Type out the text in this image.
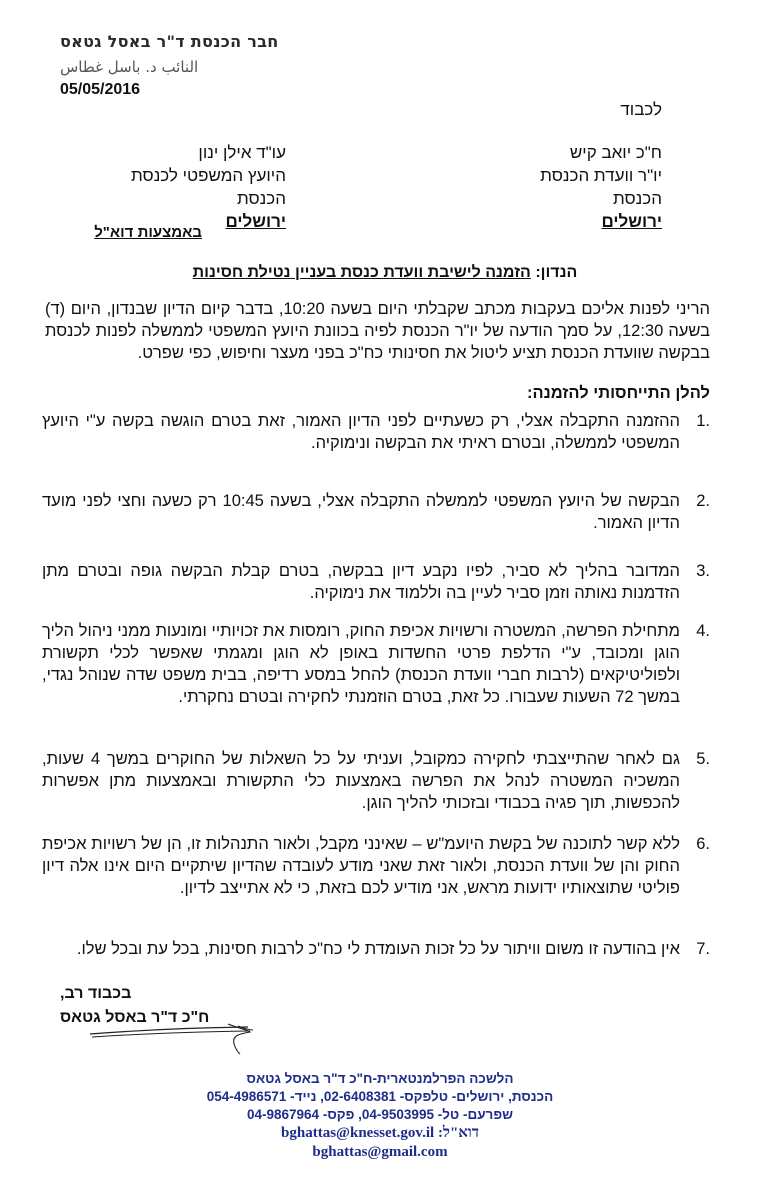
חבר הכנסת ד"ר באסל גטאס
النائب د. باسل غطاس
05/05/2016
לכבוד
ח"כ יואב קיש
יו"ר וועדת הכנסת
הכנסת
ירושלים
עו"ד אילן ינון
היועץ המשפטי לכנסת
הכנסת
ירושלים
באמצעות דוא"ל
הנדון: הזמנה לישיבת וועדת כנסת בעניין נטילת חסינות
הריני לפנות אליכם בעקבות מכתב שקבלתי היום בשעה 10:20, בדבר קיום הדיון שבנדון, היום (ד) בשעה 12:30, על סמך הודעה של יו"ר הכנסת לפיה בכוונת היועץ המשפטי לממשלה לפנות לכנסת בבקשה שוועדת הכנסת תציע ליטול את חסינותי כח"כ בפני מעצר וחיפוש, כפי שפרט.
להלן התייחסותי להזמנה:
1.
ההזמנה התקבלה אצלי, רק כשעתיים לפני הדיון האמור, זאת בטרם הוגשה בקשה ע"י היועץ המשפטי לממשלה, ובטרם ראיתי את הבקשה ונימוקיה.
2.
הבקשה של היועץ המשפטי לממשלה התקבלה אצלי, בשעה 10:45 רק כשעה וחצי לפני מועד הדיון האמור.
3.
המדובר בהליך לא סביר, לפיו נקבע דיון בבקשה, בטרם קבלת הבקשה גופה ובטרם מתן הזדמנות נאותה וזמן סביר לעיין בה וללמוד את נימוקיה.
4.
מתחילת הפרשה, המשטרה ורשויות אכיפת החוק, רומסות את זכויותיי ומונעות ממני ניהול הליך הוגן ומכובד, ע"י הדלפת פרטי החשדות באופן לא הוגן ומגמתי שאפשר לכלי תקשורת ולפוליטיקאים (לרבות חברי וועדת הכנסת) להחל במסע רדיפה, בבית משפט שדה שנוהל נגדי, במשך 72 השעות שעבורו. כל זאת, בטרם הוזמנתי לחקירה ובטרם נחקרתי.
5.
גם לאחר שהתייצבתי לחקירה כמקובל, ועניתי על כל השאלות של החוקרים במשך 4 שעות, המשכיה המשטרה לנהל את הפרשה באמצעות כלי התקשורת ובאמצעות מתן אפשרות להכפשות, תוך פגיה בכבודי ובזכותי להליך הוגן.
6.
ללא קשר לתוכנה של בקשת היועמ"ש – שאינני מקבל, ולאור התנהלות זו, הן של רשויות אכיפת החוק והן של וועדת הכנסת, ולאור זאת שאני מודע לעובדה שהדיון שיתקיים היום אינו אלה דיון פוליטי שתוצאותיו ידועות מראש, אני מודיע לכם בזאת, כי לא אתייצב לדיון.
7.
אין בהודעה זו משום וויתור על כל זכות העומדת לי כח"כ לרבות חסינות, בכל עת ובכל שלו.
בכבוד רב,
ח"כ ד"ר באסל גטאס
הלשכה הפרלמנטארית-ח"כ ד"ר באסל גטאס
הכנסת, ירושלים- טלפקס- 02-6408381, נייד- 054-4986571
שפרעם- טל- 04-9503995, פקס- 04-9867964
דוא"ל: bghattas@knesset.gov.il
bghattas@gmail.com
